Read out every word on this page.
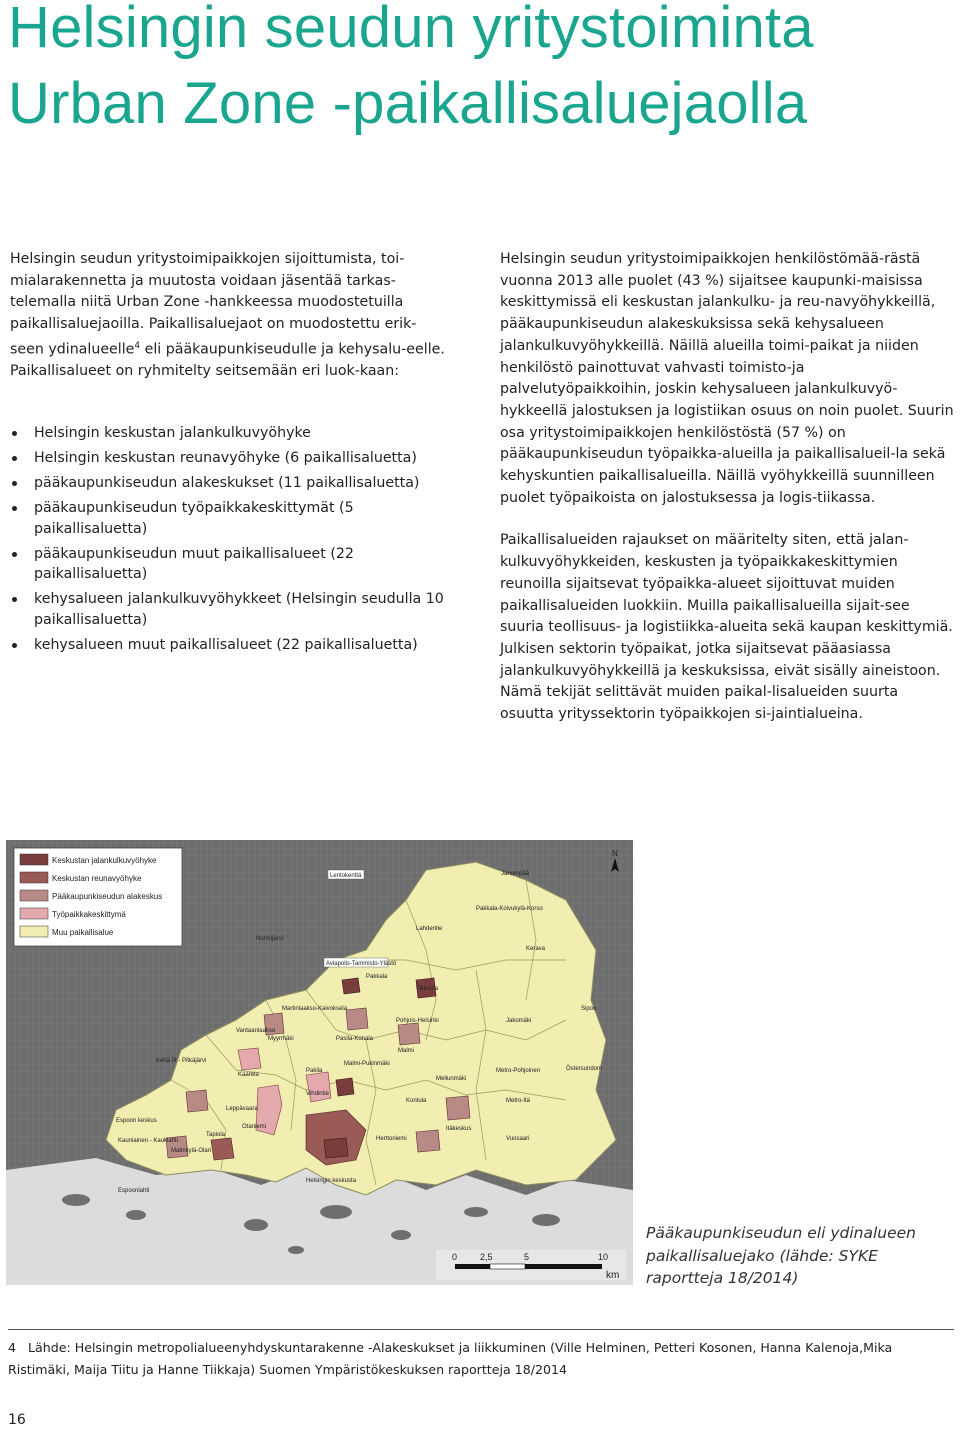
Helsingin seudun yritystoiminta
Urban Zone -paikallisaluejaolla

Helsingin seudun yritystoimipaikkojen sijoittumista, toi-mialarakennetta ja muutosta voidaan jäsentää tarkas-telemalla niitä Urban Zone -hankkeessa muodostetuilla paikallisaluejaoilla. Paikallisaluejaot on muodostettu erik-seen ydinalueelle$^4$ eli pääkaupunkiseudulle ja kehysalu-eelle. Paikallisalueet on ryhmitelty seitsemään eri luok-kaan:

Helsingin keskustan jalankulkuvyöhyke
Helsingin keskustan reunavyöhyke (6 paikallisaluetta)
pääkaupunkiseudun alakeskukset (11 paikallisaluetta)
pääkaupunkiseudun työpaikkakeskittymät (5 paikallisaluetta)
pääkaupunkiseudun muut paikallisalueet (22 paikallisaluetta)
kehysalueen jalankulkuvyöhykkeet (Helsingin seudulla 10 paikallisaluetta)
kehysalueen muut paikallisalueet (22 paikallisaluetta)

Helsingin seudun yritystoimipaikkojen henkilöstömää-rästä vuonna 2013 alle puolet (43 %) sijaitsee kaupunki-maisissa keskittymissä eli keskustan jalankulku- ja reu-navyöhykkeillä, pääkaupunkiseudun alakeskuksissa sekä kehysalueen jalankulkuvyöhykkeillä. Näillä alueilla toimi-paikat ja niiden henkilöstö painottuvat vahvasti toimisto-ja palvelutyöpaikkoihin, joskin kehysalueen jalankulkuvyö-hykkeellä jalostuksen ja logistiikan osuus on noin puolet. Suurin osa yritystoimipaikkojen henkilöstöstä (57 %) on pääkaupunkiseudun työpaikka-alueilla ja paikallisalueil-la sekä kehyskuntien paikallisalueilla. Näillä vyöhykkeillä suunnilleen puolet työpaikoista on jalostuksessa ja logis-tiikassa.

Paikallisalueiden rajaukset on määritelty siten, että jalan-kulkuvyöhykkeiden, keskusten ja työpaikkakeskittymien reunoilla sijaitsevat työpaikka-alueet sijoittuvat muiden paikallisalueiden luokkiin. Muilla paikallisalueilla sijait-see suuria teollisuus- ja logistiikka-alueita sekä kaupan keskittymiä. Julkisen sektorin työpaikat, jotka sijaitsevat pääasiassa jalankulkuvyöhykkeillä ja keskuksissa, eivät sisälly aineistoon. Nämä tekijät selittävät muiden paikal-lisalueiden suurta osuutta yrityssektorin työpaikkojen si-jaintialueina.

Lentokenttä
Aviapolis-Tammisto-Ylästö
Tikkurila
Pakkala
Martinlaakso-Kaivoksela
Vantaanlaakso
Myyrmäki	Pasila-Konala
Malmi
Kehä III - Pitkäjärvi	Malmi-Pukinmäki
Pakila
Kaarela
Vihdintie
Mellunmäki
Kontula
Itäkeskus
Vuosaari
Espoon keskus
Leppävaara
Kauniainen - Kauklahti
Tapiola
Matinkylä-Olari
Herttoniemi
Otaniemi
Espoonlahti
Helsingin keskusta
Nurmijärvi
Lahdentie
Pohjois-Helsinki	Jakomäki
Metro-Pohjoinen
Metro-Itä
Östersundom
Sipoo
Pakkala-Koivukylä-Korso
Järvenpää
Kerava
Keskustan jalankulkuvyöhyke
Keskustan reunavyöhyke
Pääkaupunkiseudun alakeskus
Työpaikkakeskittymä
Muu paikallisalue
N
0	2,5	5	10
km
Pääkaupunkiseudun eli ydinalueen paikallisaluejako (lähde: SYKE raportteja 18/2014)
4 Lähde: Helsingin metropolialueenyhdyskuntarakenne -Alakeskukset ja liikkuminen (Ville Helminen, Petteri Kosonen, Hanna Kalenoja,Mika Ristimäki, Maija Tiitu ja Hanne Tiikkaja) Suomen Ympäristökeskuksen raportteja 18/2014
16
